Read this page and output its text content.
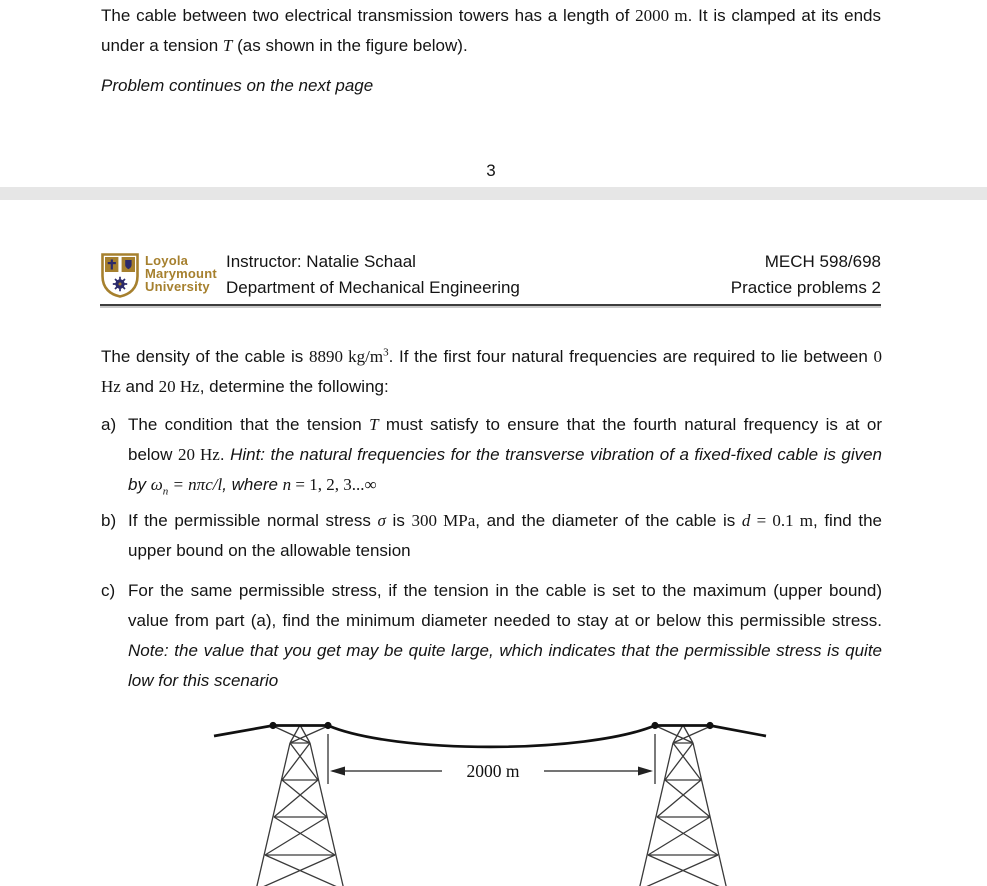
The cable between two electrical transmission towers has a length of 2000 m. It is clamped at its ends under a tension T (as shown in the figure below).

Problem continues on the next page

3
Loyola
Marymount
University
Instructor: Natalie Schaal
Department of Mechanical Engineering
MECH 598/698
Practice problems 2

The density of the cable is 8890 $kg/m^3$. If the first four natural frequencies are required to lie between 0 Hz and 20 Hz, determine the following:

a) The condition that the tension T must satisfy to ensure that the fourth natural frequency is at or below 20 Hz. Hint: the natural frequencies for the transverse vibration of a fixed-fixed cable is given by $\omega_n = n\pi c/l$, where n = 1, 2, 3...∞
b) If the permissible normal stress σ is 300 MPa, and the diameter of the cable is d = 0.1 m, find the upper bound on the allowable tension
c) For the same permissible stress, if the tension in the cable is set to the maximum (upper bound) value from part (a), find the minimum diameter needed to stay at or below this permissible stress. Note: the value that you get may be quite large, which indicates that the permissible stress is quite low for this scenario
2000 m
